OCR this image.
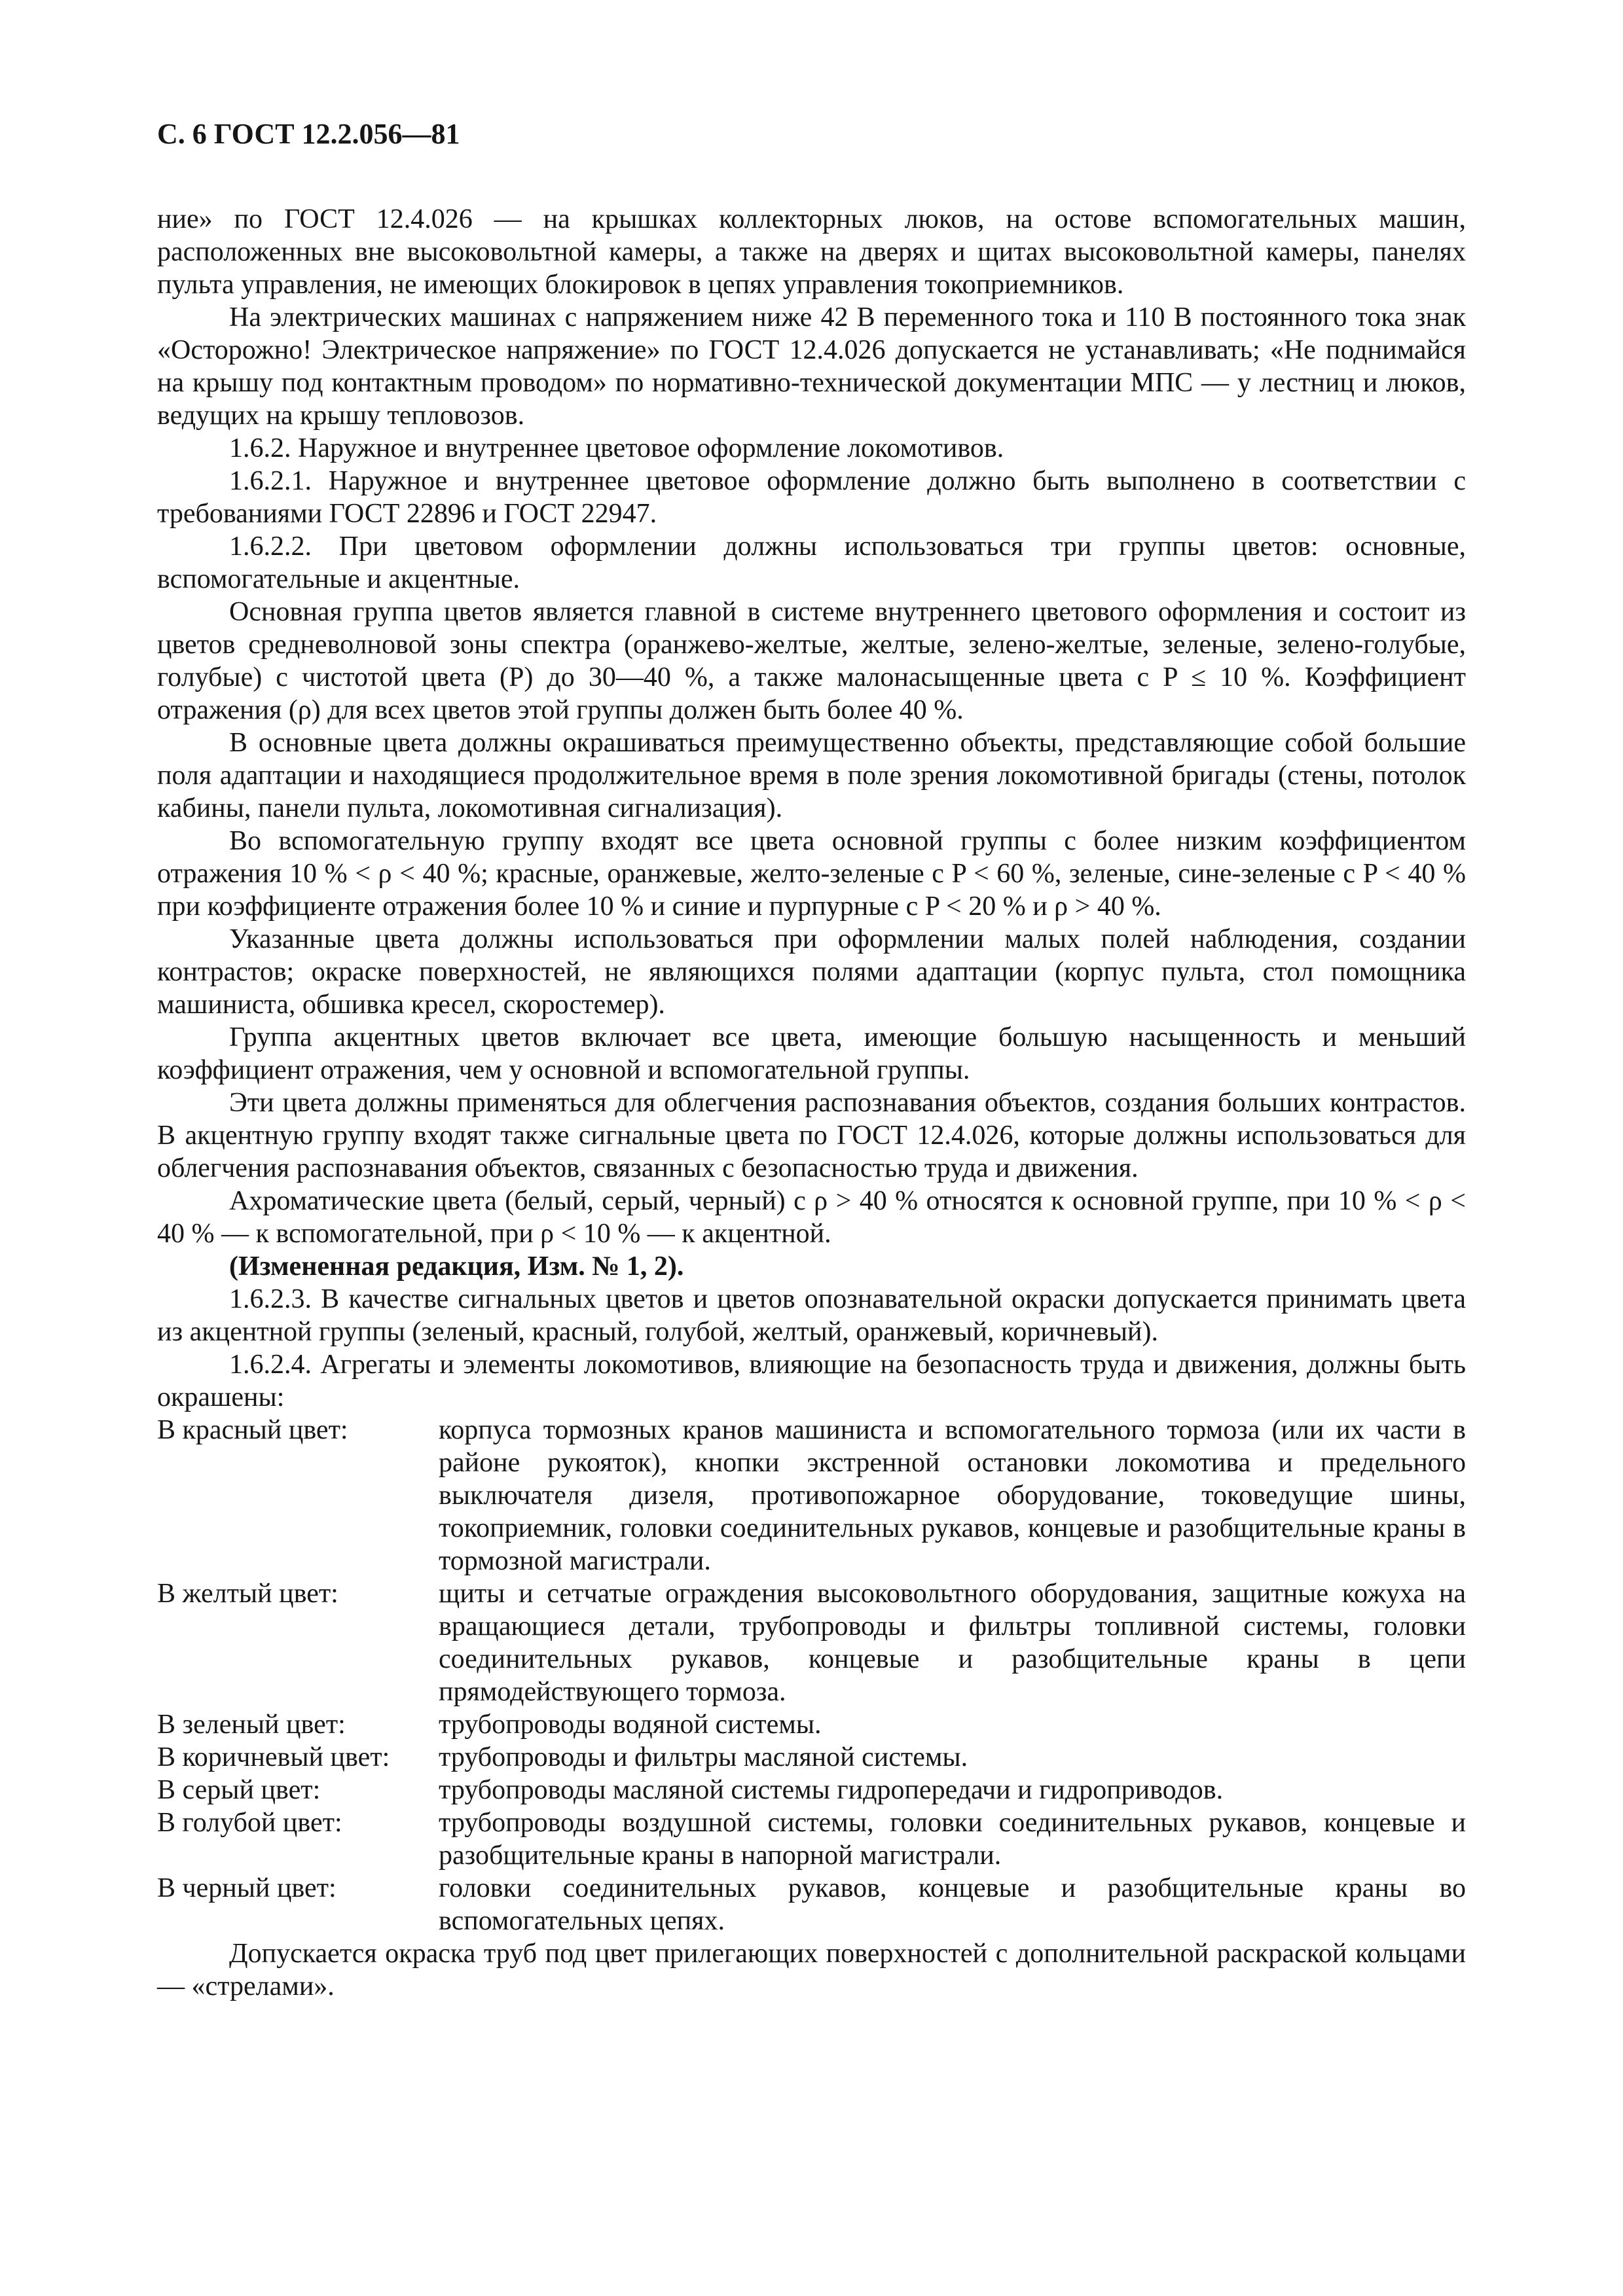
С. 6 ГОСТ 12.2.056—81

ние» по ГОСТ 12.4.026 — на крышках коллекторных люков, на остове вспомогательных машин, расположенных вне высоковольтной камеры, а также на дверях и щитах высоковольтной камеры, панелях пульта управления, не имеющих блокировок в цепях управления токоприемников.

На электрических машинах с напряжением ниже 42 В переменного тока и 110 В постоянного тока знак «Осторожно! Электрическое напряжение» по ГОСТ 12.4.026 допускается не устанавливать; «Не поднимайся на крышу под контактным проводом» по нормативно-технической документации МПС — у лестниц и люков, ведущих на крышу тепловозов.

1.6.2. Наружное и внутреннее цветовое оформление локомотивов.

1.6.2.1. Наружное и внутреннее цветовое оформление должно быть выполнено в соответствии с требованиями ГОСТ 22896 и ГОСТ 22947.

1.6.2.2. При цветовом оформлении должны использоваться три группы цветов: основные, вспомогательные и акцентные.

Основная группа цветов является главной в системе внутреннего цветового оформления и состоит из цветов средневолновой зоны спектра (оранжево-желтые, желтые, зелено-желтые, зеленые, зелено-голубые, голубые) с чистотой цвета (P) до 30—40 %, а также малонасыщенные цвета с P ≤ 10 %. Коэффициент отражения (ρ) для всех цветов этой группы должен быть более 40 %.

В основные цвета должны окрашиваться преимущественно объекты, представляющие собой большие поля адаптации и находящиеся продолжительное время в поле зрения локомотивной бригады (стены, потолок кабины, панели пульта, локомотивная сигнализация).

Во вспомогательную группу входят все цвета основной группы с более низким коэффициентом отражения 10 % < ρ < 40 %; красные, оранжевые, желто-зеленые с P < 60 %, зеленые, сине-зеленые с P < 40 % при коэффициенте отражения более 10 % и синие и пурпурные с P < 20 % и ρ > 40 %.

Указанные цвета должны использоваться при оформлении малых полей наблюдения, создании контрастов; окраске поверхностей, не являющихся полями адаптации (корпус пульта, стол помощника машиниста, обшивка кресел, скоростемер).

Группа акцентных цветов включает все цвета, имеющие большую насыщенность и меньший коэффициент отражения, чем у основной и вспомогательной группы.

Эти цвета должны применяться для облегчения распознавания объектов, создания больших контрастов. В акцентную группу входят также сигнальные цвета по ГОСТ 12.4.026, которые должны использоваться для облегчения распознавания объектов, связанных с безопасностью труда и движения.

Ахроматические цвета (белый, серый, черный) с ρ > 40 % относятся к основной группе, при 10 % < ρ < 40 % — к вспомогательной, при ρ < 10 % — к акцентной.

(Измененная редакция, Изм. № 1, 2).

1.6.2.3. В качестве сигнальных цветов и цветов опознавательной окраски допускается принимать цвета из акцентной группы (зеленый, красный, голубой, желтый, оранжевый, коричневый).

1.6.2.4. Агрегаты и элементы локомотивов, влияющие на безопасность труда и движения, должны быть окрашены:

В красный цвет:	корпуса тормозных кранов машиниста и вспомогательного тормоза (или их части в районе рукояток), кнопки экстренной остановки локомотива и предельного выключателя дизеля, противопожарное оборудование, токоведущие шины, токоприемник, головки соединительных рукавов, концевые и разобщительные краны в тормозной магистрали.
В желтый цвет:	щиты и сетчатые ограждения высоковольтного оборудования, защитные кожуха на вращающиеся детали, трубопроводы и фильтры топливной системы, головки соединительных рукавов, концевые и разобщительные краны в цепи прямодействующего тормоза.
В зеленый цвет:	трубопроводы водяной системы.
В коричневый цвет:	трубопроводы и фильтры масляной системы.
В серый цвет:	трубопроводы масляной системы гидропередачи и гидроприводов.
В голубой цвет:	трубопроводы воздушной системы, головки соединительных рукавов, концевые и разобщительные краны в напорной магистрали.
В черный цвет:	головки соединительных рукавов, концевые и разобщительные краны во вспомогательных цепях.

Допускается окраска труб под цвет прилегающих поверхностей с дополнительной раскраской кольцами — «стрелами».
